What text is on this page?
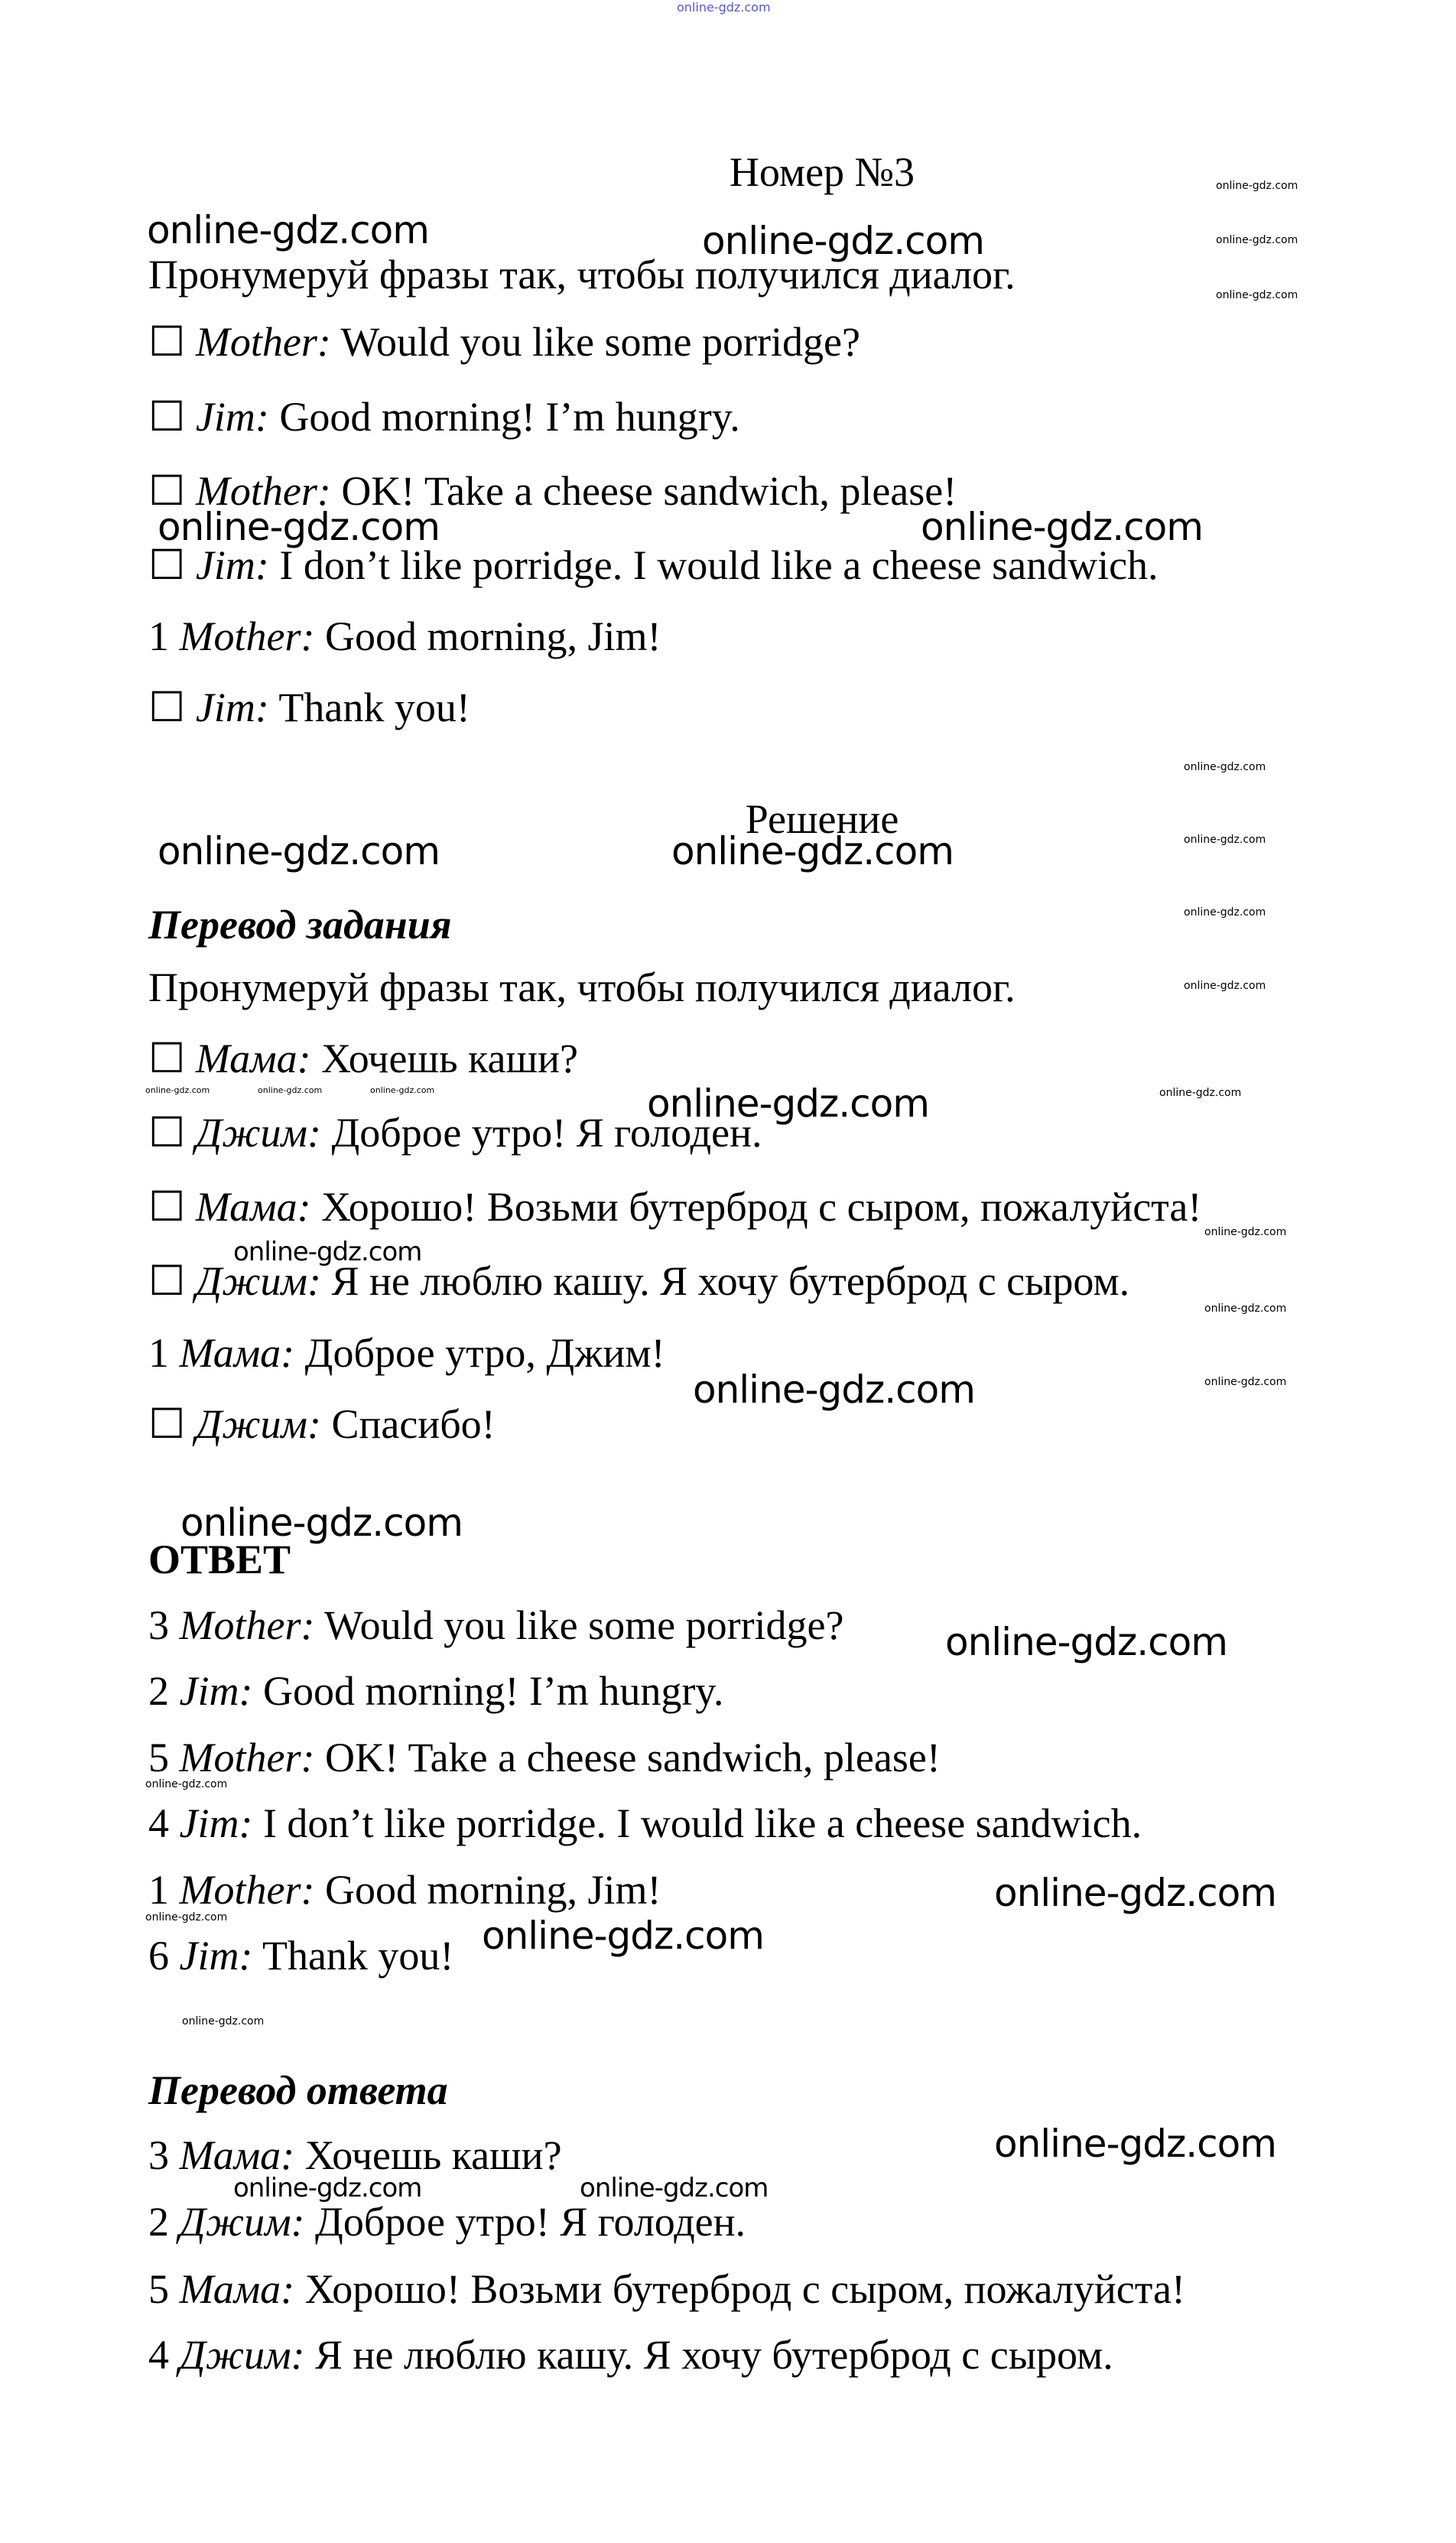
online-gdz.com
Номер №3
Пронумеруй фразы так, чтобы получился диалог.
☐ Mother: Would you like some porridge?
☐ Jim: Good morning! I’m hungry.
☐ Mother: OK! Take a cheese sandwich, please!
☐ Jim: I don’t like porridge. I would like a cheese sandwich.
1 Mother: Good morning, Jim!
☐ Jim: Thank you!
Решение
Перевод задания
Пронумеруй фразы так, чтобы получился диалог.
☐ Мама: Хочешь каши?
☐ Джим: Доброе утро! Я голоден.
☐ Мама: Хорошо! Возьми бутерброд с сыром, пожалуйста!
☐ Джим: Я не люблю кашу. Я хочу бутерброд с сыром.
1 Мама: Доброе утро, Джим!
☐ Джим: Спасибо!
ОТВЕТ
3 Mother: Would you like some porridge?
2 Jim: Good morning! I’m hungry.
5 Mother: OK! Take a cheese sandwich, please!
4 Jim: I don’t like porridge. I would like a cheese sandwich.
1 Mother: Good morning, Jim!
6 Jim: Thank you!
Перевод ответа
3 Мама: Хочешь каши?
2 Джим: Доброе утро! Я голоден.
5 Мама: Хорошо! Возьми бутерброд с сыром, пожалуйста!
4 Джим: Я не люблю кашу. Я хочу бутерброд с сыром.
online-gdz.com	online-gdz.com
online-gdz.com
online-gdz.com
online-gdz.com
online-gdz.com	online-gdz.com
online-gdz.com
online-gdz.com
online-gdz.com
online-gdz.com
online-gdz.com	online-gdz.com
online-gdz.com	online-gdz.com	online-gdz.com	online-gdz.com	online-gdz.com
online-gdz.com
online-gdz.com
online-gdz.com
online-gdz.com
online-gdz.com
online-gdz.com
online-gdz.com
online-gdz.com
online-gdz.com
online-gdz.com	online-gdz.com
online-gdz.com
online-gdz.com
online-gdz.com	online-gdz.com
